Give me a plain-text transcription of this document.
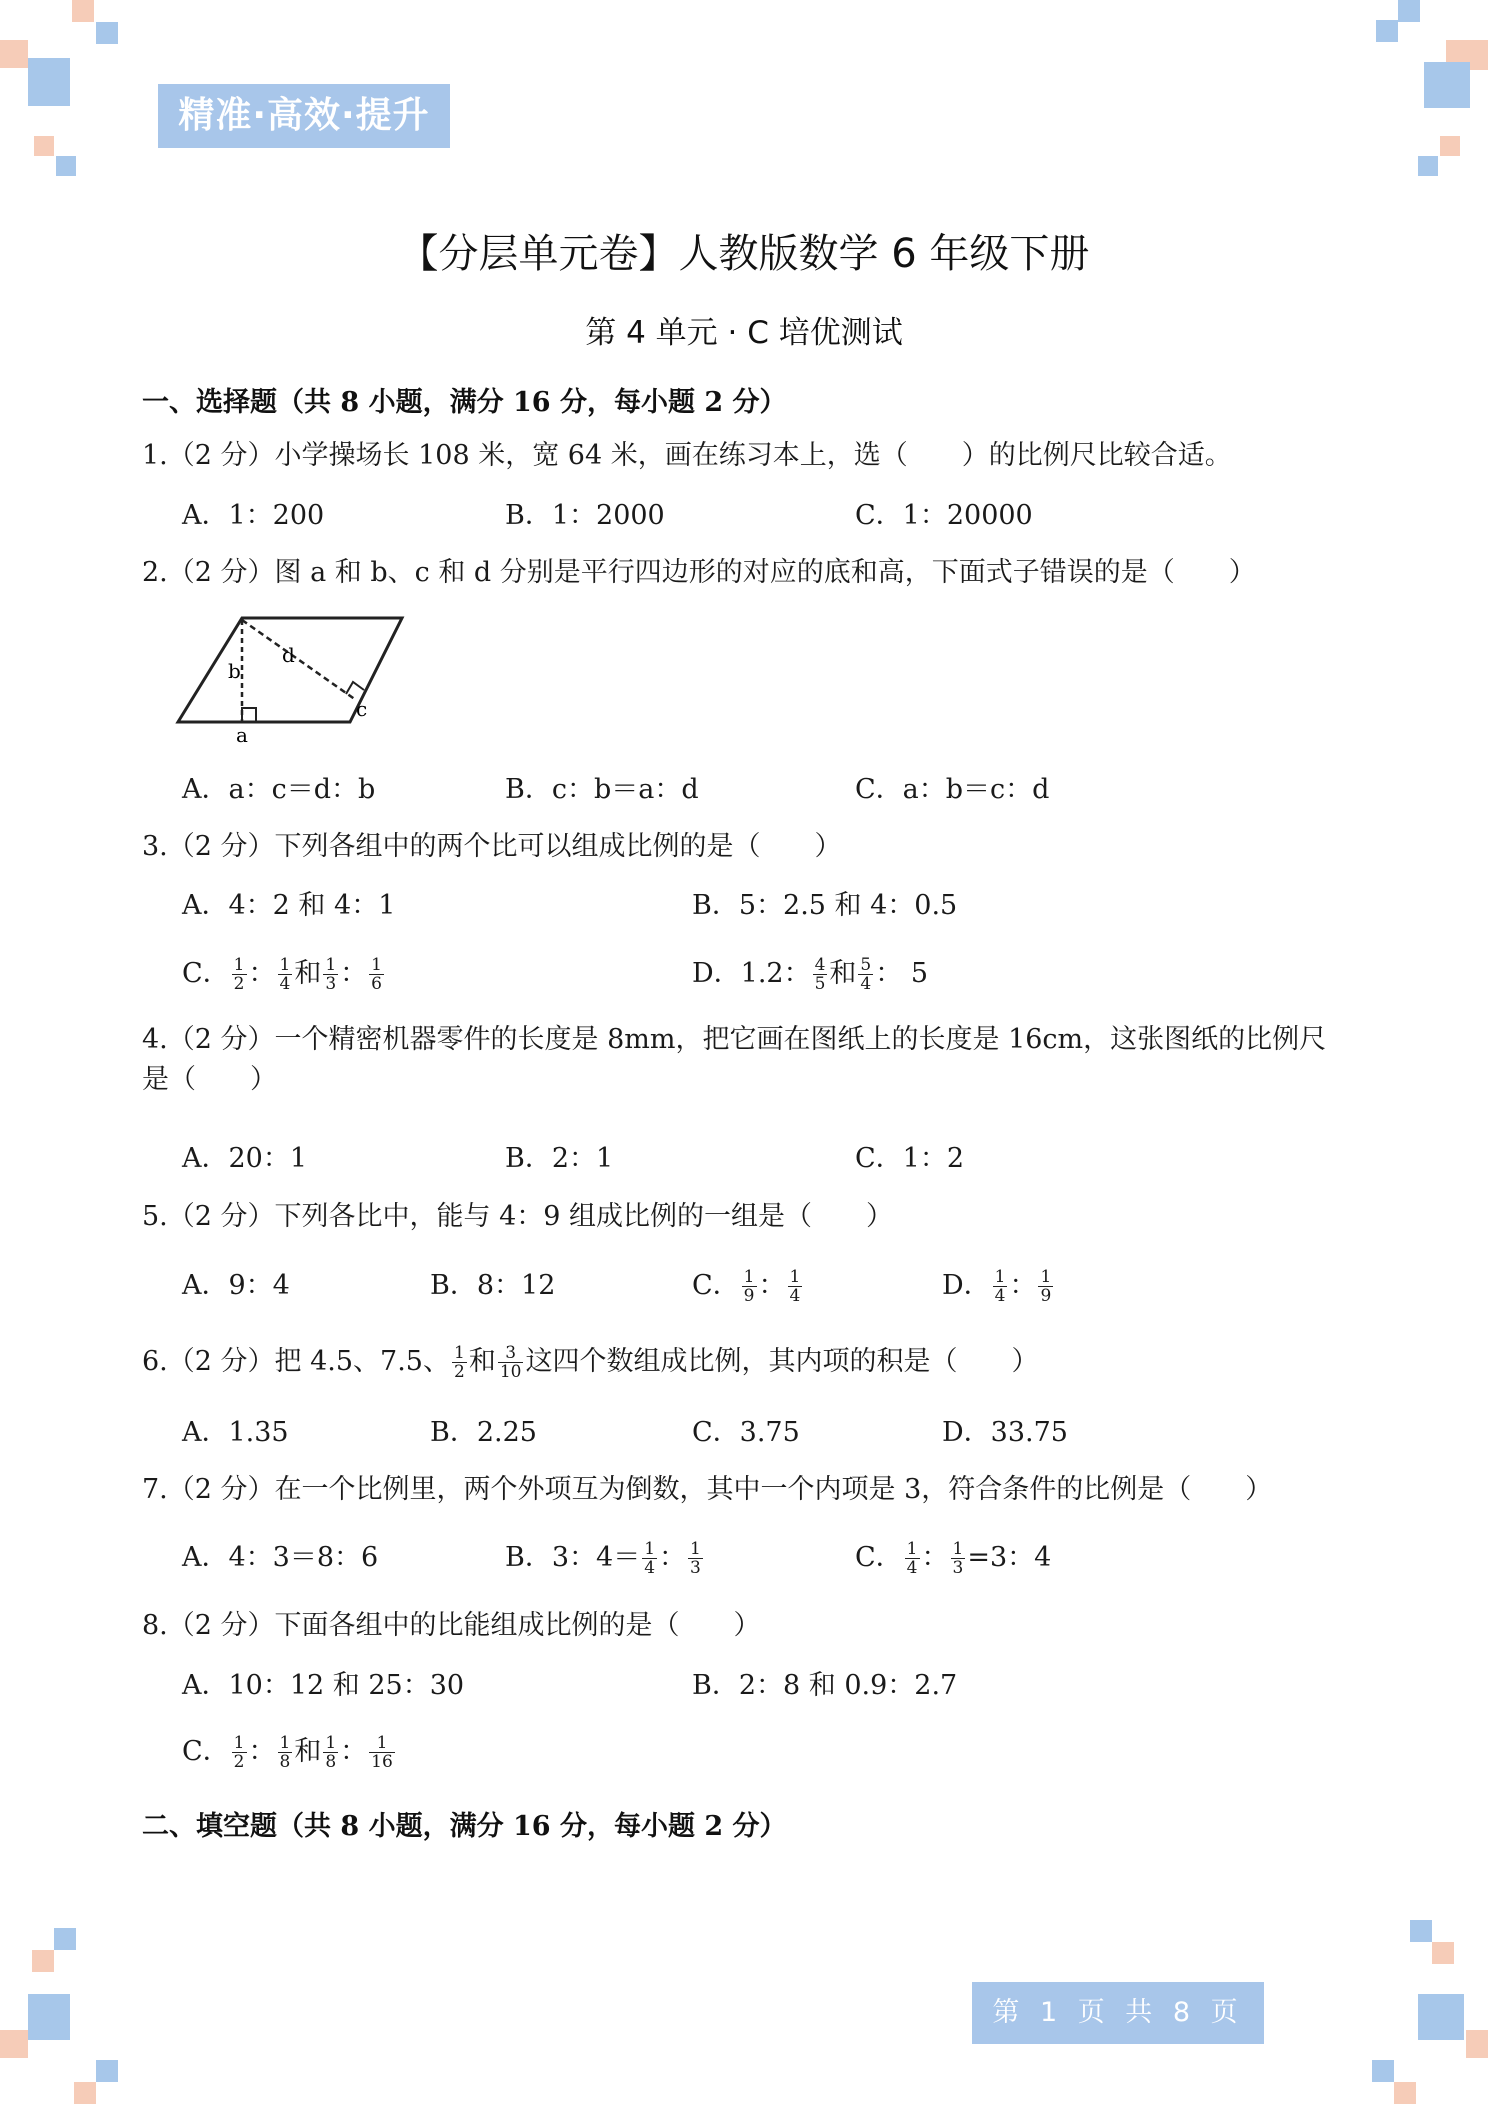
精准·高效·提升
【分层单元卷】人教版数学 6 年级下册
第 4 单元 · C 培优测试
一、选择题（共 8 小题，满分 16 分，每小题 2 分）
1.（2 分）小学操场长 108 米，宽 64 米，画在练习本上，选（　　）的比例尺比较合适。
A．1：200	B．1：2000	C．1：20000
2.（2 分）图 a 和 b、c 和 d 分别是平行四边形的对应的底和高，下面式子错误的是（　　）
a
b
c
d
A．a：c＝d：b	B．c：b＝a：d	C．a：b＝c：d
3.（2 分）下列各组中的两个比可以组成比例的是（　　）
A．4：2 和 4：1	B．5：2.5 和 4：0.5
C． $\frac{1}{2}$ ： $\frac{1}{4}$ 和 $\frac{1}{3}$ ： $\frac{1}{6}$	D．1.2： $\frac{4}{5}$ 和 $\frac{5}{4}$ ： 5
4.（2 分）一个精密机器零件的长度是 8mm，把它画在图纸上的长度是 16cm，这张图纸的比例尺是（　　）
A．20：1	B．2：1	C．1：2
5.（2 分）下列各比中，能与 4：9 组成比例的一组是（　　）
A．9：4	B．8：12	C． $\frac{1}{9}$ ： $\frac{1}{4}$	D． $\frac{1}{4}$ ： $\frac{1}{9}$
6.（2 分）把 4.5、7.5、 $\frac{1}{2}$ 和 $\frac{3}{10}$ 这四个数组成比例，其内项的积是（　　）
A．1.35	B．2.25	C．3.75	D．33.75
7.（2 分）在一个比例里，两个外项互为倒数，其中一个内项是 3，符合条件的比例是（　　）
A．4：3＝8：6	B．3：$4= \frac{1}{4}$ ： $\frac{1}{3}$	C． $\frac{1}{4}$ ： $\frac{1}{3} =3$：4
8.（2 分）下面各组中的比能组成比例的是（　　）
A．10：12 和 25：30	B．2：8 和 0.9：2.7
C． $\frac{1}{2}$ ： $\frac{1}{8}$ 和 $\frac{1}{8}$ ： $\frac{1}{16}$
二、填空题（共 8 小题，满分 16 分，每小题 2 分）
第 1 页 共 8 页
